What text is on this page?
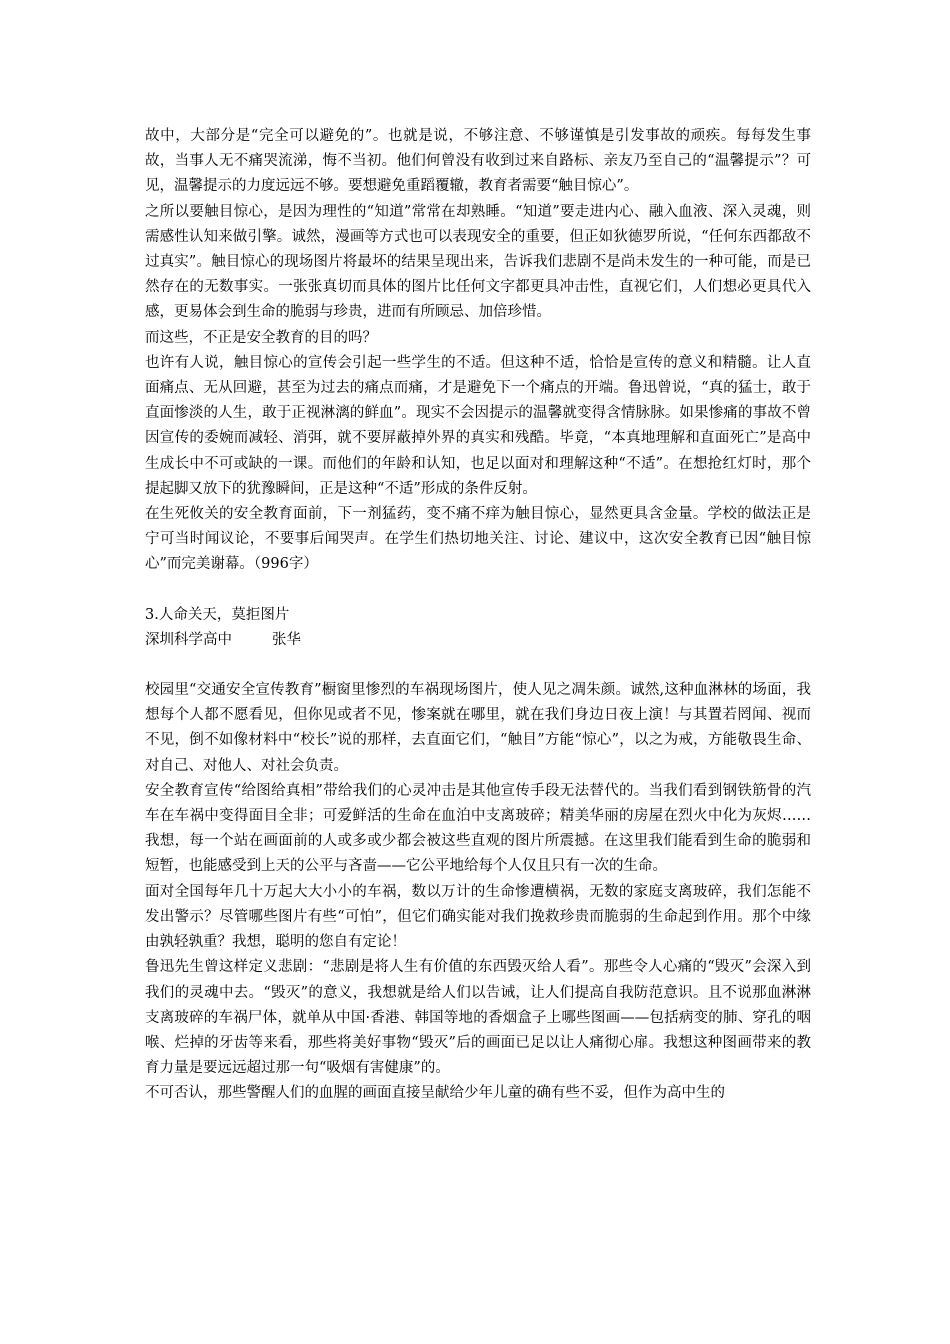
故中，大部分是“完全可以避免的”。也就是说，不够注意、不够谨慎是引发事故的顽疾。每每发生事故，当事人无不痛哭流涕，悔不当初。他们何曾没有收到过来自路标、亲友乃至自己的“温馨提示”？可见，温馨提示的力度远远不够。要想避免重蹈覆辙，教育者需要“触目惊心”。

之所以要触目惊心，是因为理性的“知道”常常在却熟睡。“知道”要走进内心、融入血液、深入灵魂，则需感性认知来做引擎。诚然，漫画等方式也可以表现安全的重要，但正如狄德罗所说，“任何东西都敌不过真实”。触目惊心的现场图片将最坏的结果呈现出来，告诉我们悲剧不是尚未发生的一种可能，而是已然存在的无数事实。一张张真切而具体的图片比任何文字都更具冲击性，直视它们，人们想必更具代入感，更易体会到生命的脆弱与珍贵，进而有所顾忌、加倍珍惜。

而这些，不正是安全教育的目的吗？

也许有人说，触目惊心的宣传会引起一些学生的不适。但这种不适，恰恰是宣传的意义和精髓。让人直面痛点、无从回避，甚至为过去的痛点而痛，才是避免下一个痛点的开端。鲁迅曾说，“真的猛士，敢于直面惨淡的人生，敢于正视淋漓的鲜血”。现实不会因提示的温馨就变得含情脉脉。如果惨痛的事故不曾因宣传的委婉而减轻、消弭，就不要屏蔽掉外界的真实和残酷。毕竟，“本真地理解和直面死亡”是高中生成长中不可或缺的一课。而他们的年龄和认知，也足以面对和理解这种“不适”。在想抢红灯时，那个提起脚又放下的犹豫瞬间，正是这种“不适”形成的条件反射。

在生死攸关的安全教育面前，下一剂猛药，变不痛不痒为触目惊心，显然更具含金量。学校的做法正是宁可当时闻议论，不要事后闻哭声。在学生们热切地关注、讨论、建议中，这次安全教育已因“触目惊心”而完美谢幕。（996字）

3.人命关天，莫拒图片

深圳科学高中	张华

校园里“交通安全宣传教育”橱窗里惨烈的车祸现场图片，使人见之凋朱颜。诚然,这种血淋林的场面，我想每个人都不愿看见，但你见或者不见，惨案就在哪里，就在我们身边日夜上演！与其置若罔闻、视而不见，倒不如像材料中“校长”说的那样，去直面它们，“触目”方能“惊心”，以之为戒，方能敬畏生命、对自己、对他人、对社会负责。

安全教育宣传“给图给真相”带给我们的心灵冲击是其他宣传手段无法替代的。当我们看到钢铁筋骨的汽车在车祸中变得面目全非；可爱鲜活的生命在血泊中支离玻碎；精美华丽的房屋在烈火中化为灰烬……我想，每一个站在画面前的人或多或少都会被这些直观的图片所震撼。在这里我们能看到生命的脆弱和短暂，也能感受到上天的公平与吝啬——它公平地给每个人仅且只有一次的生命。

面对全国每年几十万起大大小小的车祸，数以万计的生命惨遭横祸，无数的家庭支离玻碎，我们怎能不发出警示？尽管哪些图片有些“可怕”，但它们确实能对我们挽救珍贵而脆弱的生命起到作用。那个中缘由孰轻孰重？我想，聪明的您自有定论！

鲁迅先生曾这样定义悲剧：“悲剧是将人生有价值的东西毁灭给人看”。那些令人心痛的“毁灭”会深入到我们的灵魂中去。“毁灭”的意义，我想就是给人们以告诫，让人们提高自我防范意识。且不说那血淋淋支离玻碎的车祸尸体，就单从中国·香港、韩国等地的香烟盒子上哪些图画——包括病变的肺、穿孔的咽喉、烂掉的牙齿等来看，那些将美好事物“毁灭”后的画面已足以让人痛彻心扉。我想这种图画带来的教育力量是要远远超过那一句“吸烟有害健康”的。

不可否认，那些警醒人们的血腥的画面直接呈献给少年儿童的确有些不妥，但作为高中生的
